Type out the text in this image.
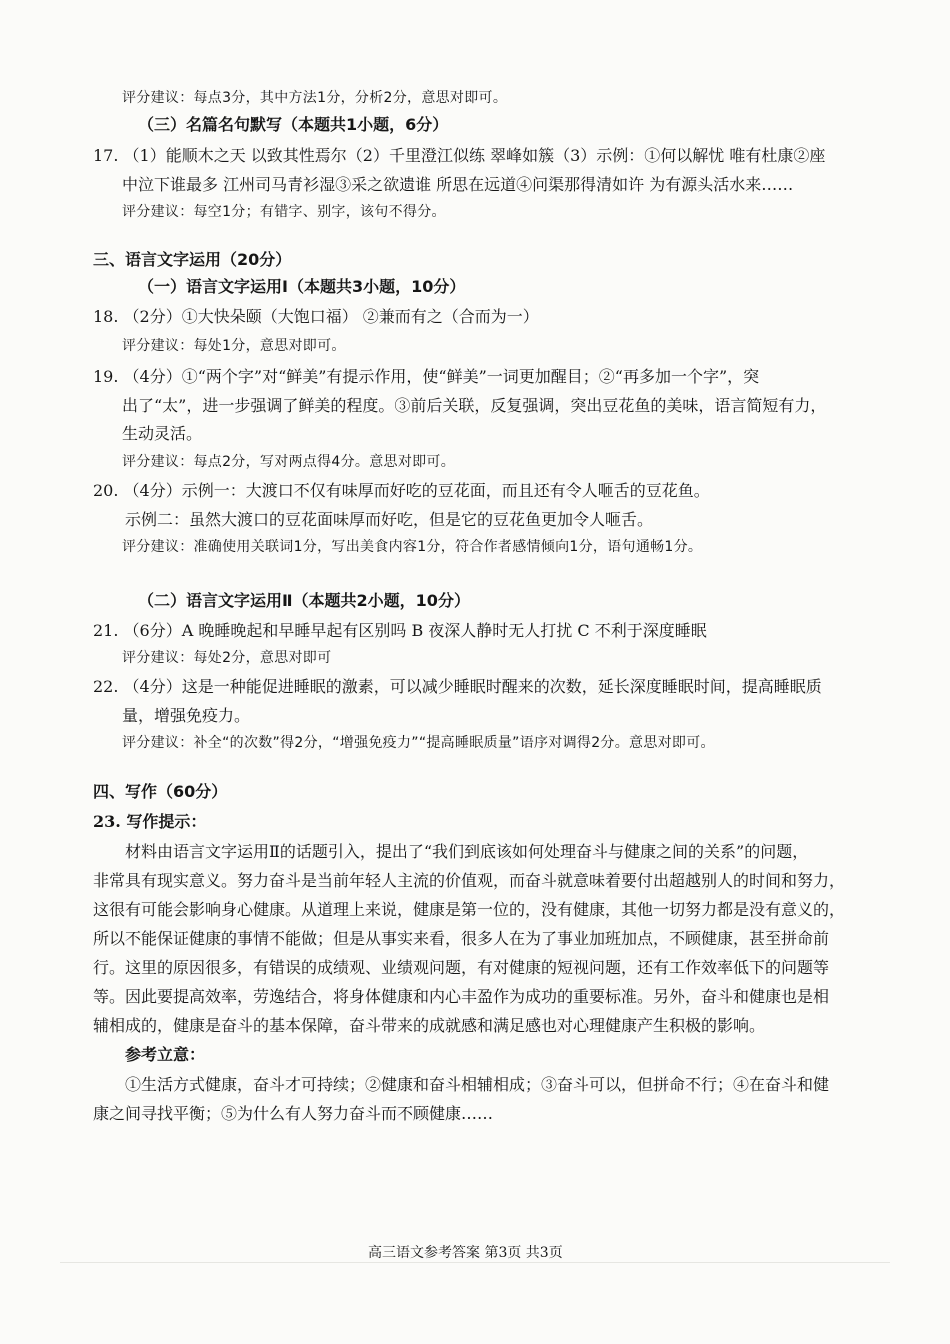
评分建议：每点3分，其中方法1分，分析2分，意思对即可。

（三）名篇名句默写（本题共1小题，6分）

17. （1）能顺木之天 以致其性焉尔（2）千里澄江似练 翠峰如簇（3）示例：①何以解忧 唯有杜康②座

中泣下谁最多 江州司马青衫湿③采之欲遗谁 所思在远道④问渠那得清如许 为有源头活水来……

评分建议：每空1分；有错字、别字，该句不得分。

三、语言文字运用（20分）

（一）语言文字运用Ⅰ（本题共3小题，10分）

18. （2分）①大快朵颐（大饱口福） ②兼而有之（合而为一）

评分建议：每处1分，意思对即可。

19. （4分）①“两个字”对“鲜美”有提示作用，使“鲜美”一词更加醒目；②“再多加一个字”，突

出了“太”，进一步强调了鲜美的程度。③前后关联，反复强调，突出豆花鱼的美味，语言简短有力，

生动灵活。

评分建议：每点2分，写对两点得4分。意思对即可。

20. （4分）示例一：大渡口不仅有味厚而好吃的豆花面，而且还有令人咂舌的豆花鱼。

示例二：虽然大渡口的豆花面味厚而好吃，但是它的豆花鱼更加令人咂舌。

评分建议：准确使用关联词1分，写出美食内容1分，符合作者感情倾向1分，语句通畅1分。

（二）语言文字运用Ⅱ（本题共2小题，10分）

21. （6分）A 晚睡晚起和早睡早起有区别吗 B 夜深人静时无人打扰 C 不利于深度睡眠

评分建议：每处2分，意思对即可

22. （4分）这是一种能促进睡眠的激素，可以减少睡眠时醒来的次数，延长深度睡眠时间，提高睡眠质

量，增强免疫力。

评分建议：补全“的次数”得2分，“增强免疫力”“提高睡眠质量”语序对调得2分。意思对即可。

四、写作（60分）

23. 写作提示：

材料由语言文字运用Ⅱ的话题引入，提出了“我们到底该如何处理奋斗与健康之间的关系”的问题，

非常具有现实意义。努力奋斗是当前年轻人主流的价值观，而奋斗就意味着要付出超越别人的时间和努力，

这很有可能会影响身心健康。从道理上来说，健康是第一位的，没有健康，其他一切努力都是没有意义的，

所以不能保证健康的事情不能做；但是从事实来看，很多人在为了事业加班加点，不顾健康，甚至拼命前

行。这里的原因很多，有错误的成绩观、业绩观问题，有对健康的短视问题，还有工作效率低下的问题等

等。因此要提高效率，劳逸结合，将身体健康和内心丰盈作为成功的重要标准。另外，奋斗和健康也是相

辅相成的，健康是奋斗的基本保障，奋斗带来的成就感和满足感也对心理健康产生积极的影响。

参考立意：

①生活方式健康，奋斗才可持续；②健康和奋斗相辅相成；③奋斗可以，但拼命不行；④在奋斗和健

康之间寻找平衡；⑤为什么有人努力奋斗而不顾健康……

高三语文参考答案 第3页 共3页
